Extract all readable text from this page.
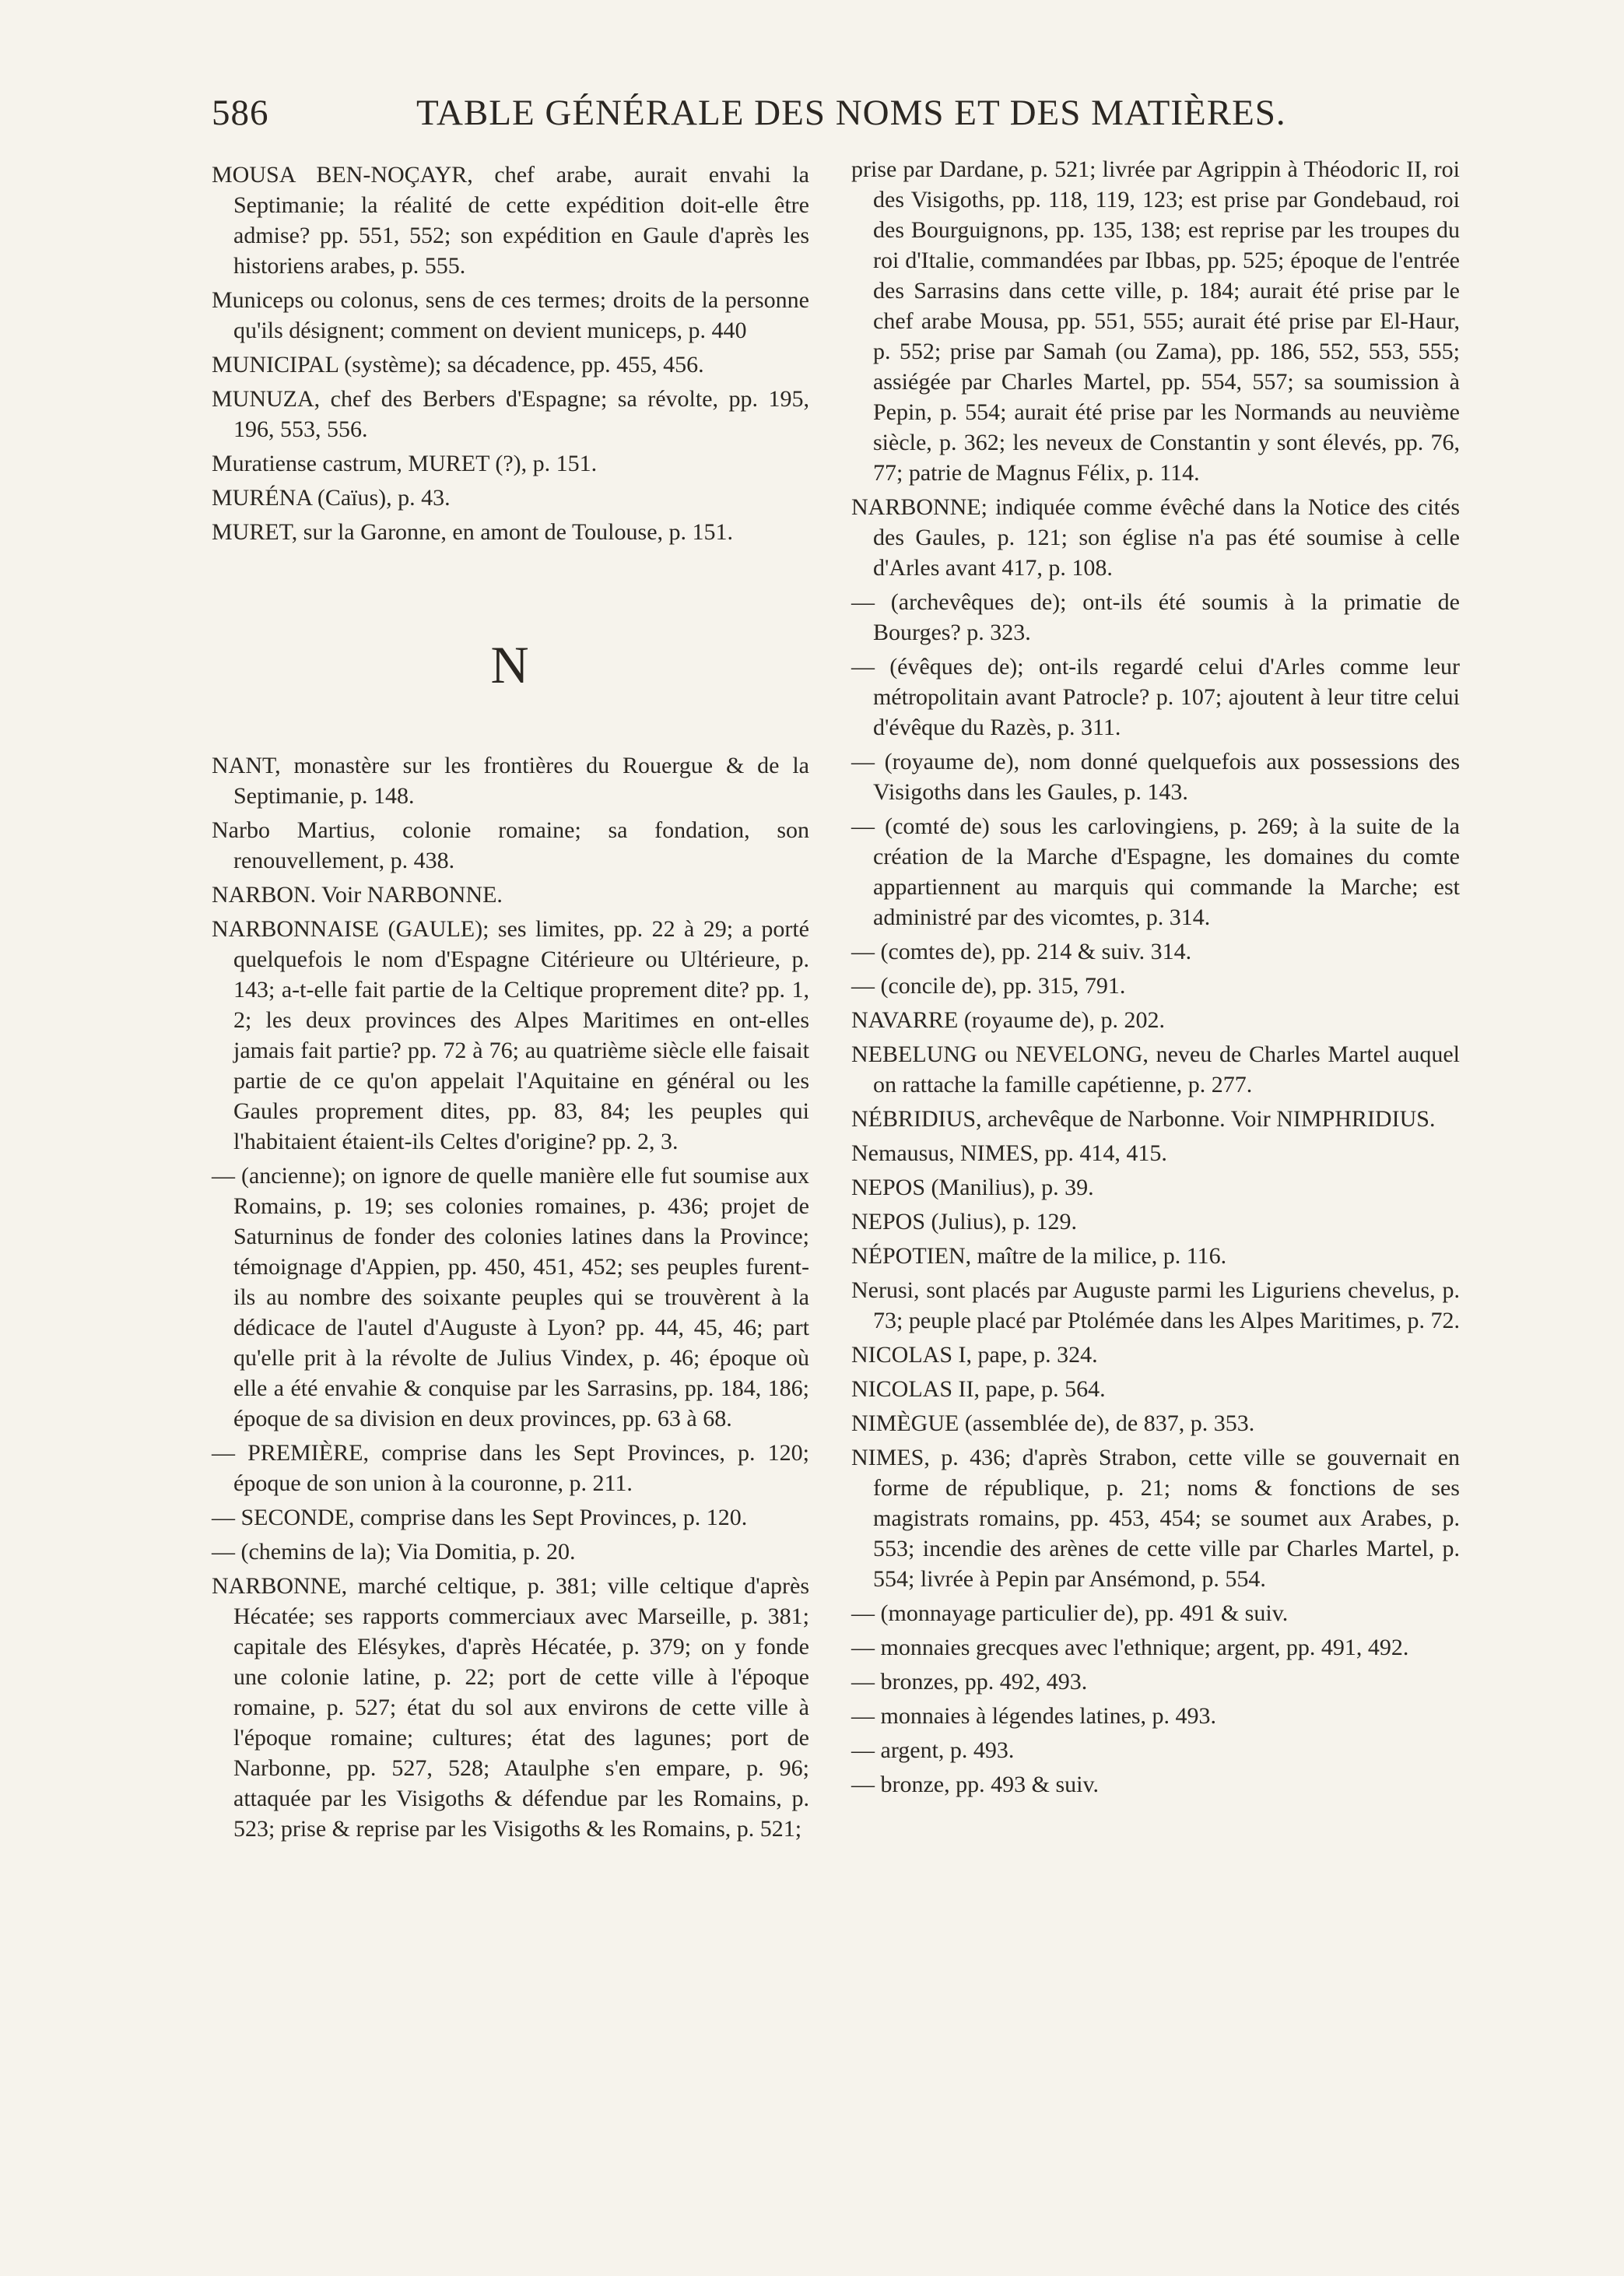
586	TABLE GÉNÉRALE DES NOMS ET DES MATIÈRES.

MOUSA BEN-NOÇAYR, chef arabe, aurait envahi la Septimanie; la réalité de cette expédition doit-elle être admise? pp. 551, 552; son expédition en Gaule d'après les historiens arabes, p. 555.

Municeps ou colonus, sens de ces termes; droits de la personne qu'ils désignent; comment on devient municeps, p. 440

MUNICIPAL (système); sa décadence, pp. 455, 456.

MUNUZA, chef des Berbers d'Espagne; sa révolte, pp. 195, 196, 553, 556.

Muratiense castrum, MURET (?), p. 151.

MURÉNA (Caïus), p. 43.

MURET, sur la Garonne, en amont de Toulouse, p. 151.

N

NANT, monastère sur les frontières du Rouergue & de la Septimanie, p. 148.

Narbo Martius, colonie romaine; sa fondation, son renouvellement, p. 438.

NARBON. Voir NARBONNE.

NARBONNAISE (GAULE); ses limites, pp. 22 à 29; a porté quelquefois le nom d'Espagne Citérieure ou Ultérieure, p. 143; a-t-elle fait partie de la Celtique proprement dite? pp. 1, 2; les deux provinces des Alpes Maritimes en ont-elles jamais fait partie? pp. 72 à 76; au quatrième siècle elle faisait partie de ce qu'on appelait l'Aquitaine en général ou les Gaules proprement dites, pp. 83, 84; les peuples qui l'habitaient étaient-ils Celtes d'origine? pp. 2, 3.

— (ancienne); on ignore de quelle manière elle fut soumise aux Romains, p. 19; ses colonies romaines, p. 436; projet de Saturninus de fonder des colonies latines dans la Province; témoignage d'Appien, pp. 450, 451, 452; ses peuples furent-ils au nombre des soixante peuples qui se trouvèrent à la dédicace de l'autel d'Auguste à Lyon? pp. 44, 45, 46; part qu'elle prit à la révolte de Julius Vindex, p. 46; époque où elle a été envahie & conquise par les Sarrasins, pp. 184, 186; époque de sa division en deux provinces, pp. 63 à 68.

— PREMIÈRE, comprise dans les Sept Provinces, p. 120; époque de son union à la couronne, p. 211.

— SECONDE, comprise dans les Sept Provinces, p. 120.

— (chemins de la); Via Domitia, p. 20.

NARBONNE, marché celtique, p. 381; ville celtique d'après Hécatée; ses rapports commerciaux avec Marseille, p. 381; capitale des Elésykes, d'après Hécatée, p. 379; on y fonde une colonie latine, p. 22; port de cette ville à l'époque romaine, p. 527; état du sol aux environs de cette ville à l'époque romaine; cultures; état des lagunes; port de Narbonne, pp. 527, 528; Ataulphe s'en empare, p. 96; attaquée par les Visigoths & défendue par les Romains, p. 523; prise & reprise par les Visigoths & les Romains, p. 521;

prise par Dardane, p. 521; livrée par Agrippin à Théodoric II, roi des Visigoths, pp. 118, 119, 123; est prise par Gondebaud, roi des Bourguignons, pp. 135, 138; est reprise par les troupes du roi d'Italie, commandées par Ibbas, pp. 525; époque de l'entrée des Sarrasins dans cette ville, p. 184; aurait été prise par le chef arabe Mousa, pp. 551, 555; aurait été prise par El-Haur, p. 552; prise par Samah (ou Zama), pp. 186, 552, 553, 555; assiégée par Charles Martel, pp. 554, 557; sa soumission à Pepin, p. 554; aurait été prise par les Normands au neuvième siècle, p. 362; les neveux de Constantin y sont élevés, pp. 76, 77; patrie de Magnus Félix, p. 114.

NARBONNE; indiquée comme évêché dans la Notice des cités des Gaules, p. 121; son église n'a pas été soumise à celle d'Arles avant 417, p. 108.

— (archevêques de); ont-ils été soumis à la primatie de Bourges? p. 323.

— (évêques de); ont-ils regardé celui d'Arles comme leur métropolitain avant Patrocle? p. 107; ajoutent à leur titre celui d'évêque du Razès, p. 311.

— (royaume de), nom donné quelquefois aux possessions des Visigoths dans les Gaules, p. 143.

— (comté de) sous les carlovingiens, p. 269; à la suite de la création de la Marche d'Espagne, les domaines du comte appartiennent au marquis qui commande la Marche; est administré par des vicomtes, p. 314.

— (comtes de), pp. 214 & suiv. 314.

— (concile de), pp. 315, 791.

NAVARRE (royaume de), p. 202.

NEBELUNG ou NEVELONG, neveu de Charles Martel auquel on rattache la famille capétienne, p. 277.

NÉBRIDIUS, archevêque de Narbonne. Voir NIMPHRIDIUS.

Nemausus, NIMES, pp. 414, 415.

NEPOS (Manilius), p. 39.

NEPOS (Julius), p. 129.

NÉPOTIEN, maître de la milice, p. 116.

Nerusi, sont placés par Auguste parmi les Liguriens chevelus, p. 73; peuple placé par Ptolémée dans les Alpes Maritimes, p. 72.

NICOLAS I, pape, p. 324.

NICOLAS II, pape, p. 564.

NIMÈGUE (assemblée de), de 837, p. 353.

NIMES, p. 436; d'après Strabon, cette ville se gouvernait en forme de république, p. 21; noms & fonctions de ses magistrats romains, pp. 453, 454; se soumet aux Arabes, p. 553; incendie des arènes de cette ville par Charles Martel, p. 554; livrée à Pepin par Ansémond, p. 554.

— (monnayage particulier de), pp. 491 & suiv.

— monnaies grecques avec l'ethnique; argent, pp. 491, 492.

— bronzes, pp. 492, 493.

— monnaies à légendes latines, p. 493.

— argent, p. 493.

— bronze, pp. 493 & suiv.
